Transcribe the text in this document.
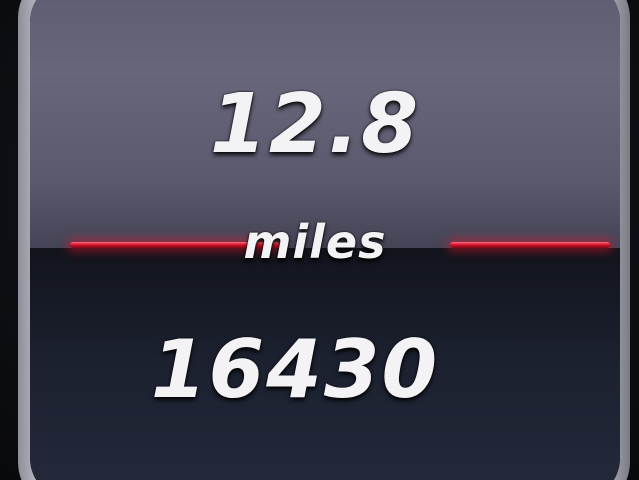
12.8
miles
16430
